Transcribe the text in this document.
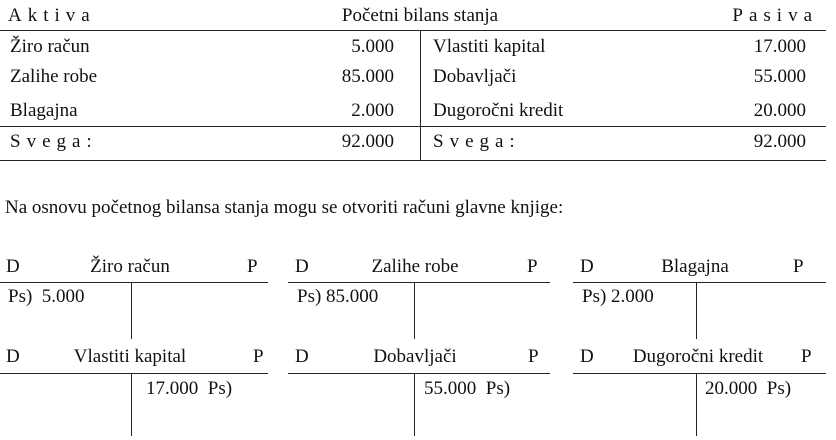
Aktiva	Početni bilans stanja	Pasiva
Žiro račun	5.000 Vlastiti kapital	17.000
Zalihe robe	85.000 Dobavljači	55.000
Blagajna	2.000 Dugoročni kredit	20.000
Svega:	92.000 Svega:	92.000
Na osnovu početnog bilansa stanja mogu se otvoriti računi glavne knjige:
D	Žiro račun	P
Ps)  5.000
D	Zalihe robe	P
Ps) 85.000
D	Blagajna	P
Ps) 2.000
D	Vlastiti kapital	P
17.000  Ps)
D	Dobavljači	P
55.000  Ps)
D	Dugoročni kredit	P
20.000  Ps)
